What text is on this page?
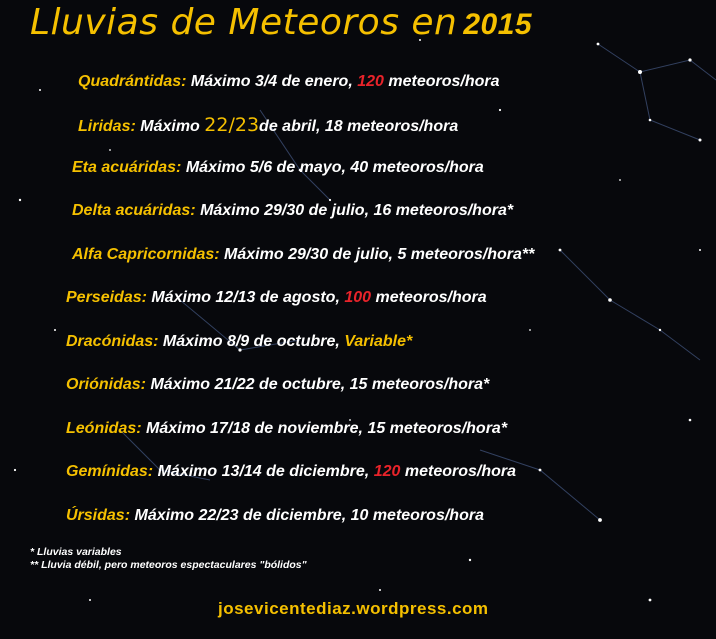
Lluvias de Meteoros en 2015
Quadrántidas: Máximo 3/4 de enero, 120 meteoros/hora
Liridas: Máximo 22/23de abril, 18 meteoros/hora
Eta acuáridas: Máximo 5/6 de mayo, 40 meteoros/hora
Delta acuáridas: Máximo 29/30 de julio, 16 meteoros/hora*
Alfa Capricornidas: Máximo 29/30 de julio, 5 meteoros/hora**
Perseidas: Máximo 12/13 de agosto, 100 meteoros/hora
Dracónidas: Máximo 8/9 de octubre, Variable*
Oriónidas: Máximo 21/22 de octubre, 15 meteoros/hora*
Leónidas: Máximo 17/18 de noviembre, 15 meteoros/hora*
Gemínidas: Máximo 13/14 de diciembre, 120 meteoros/hora
Úrsidas: Máximo 22/23 de diciembre, 10 meteoros/hora
* Lluvias variables
** Lluvia débil, pero meteoros espectaculares "bólidos"
josevicentediaz.wordpress.com
